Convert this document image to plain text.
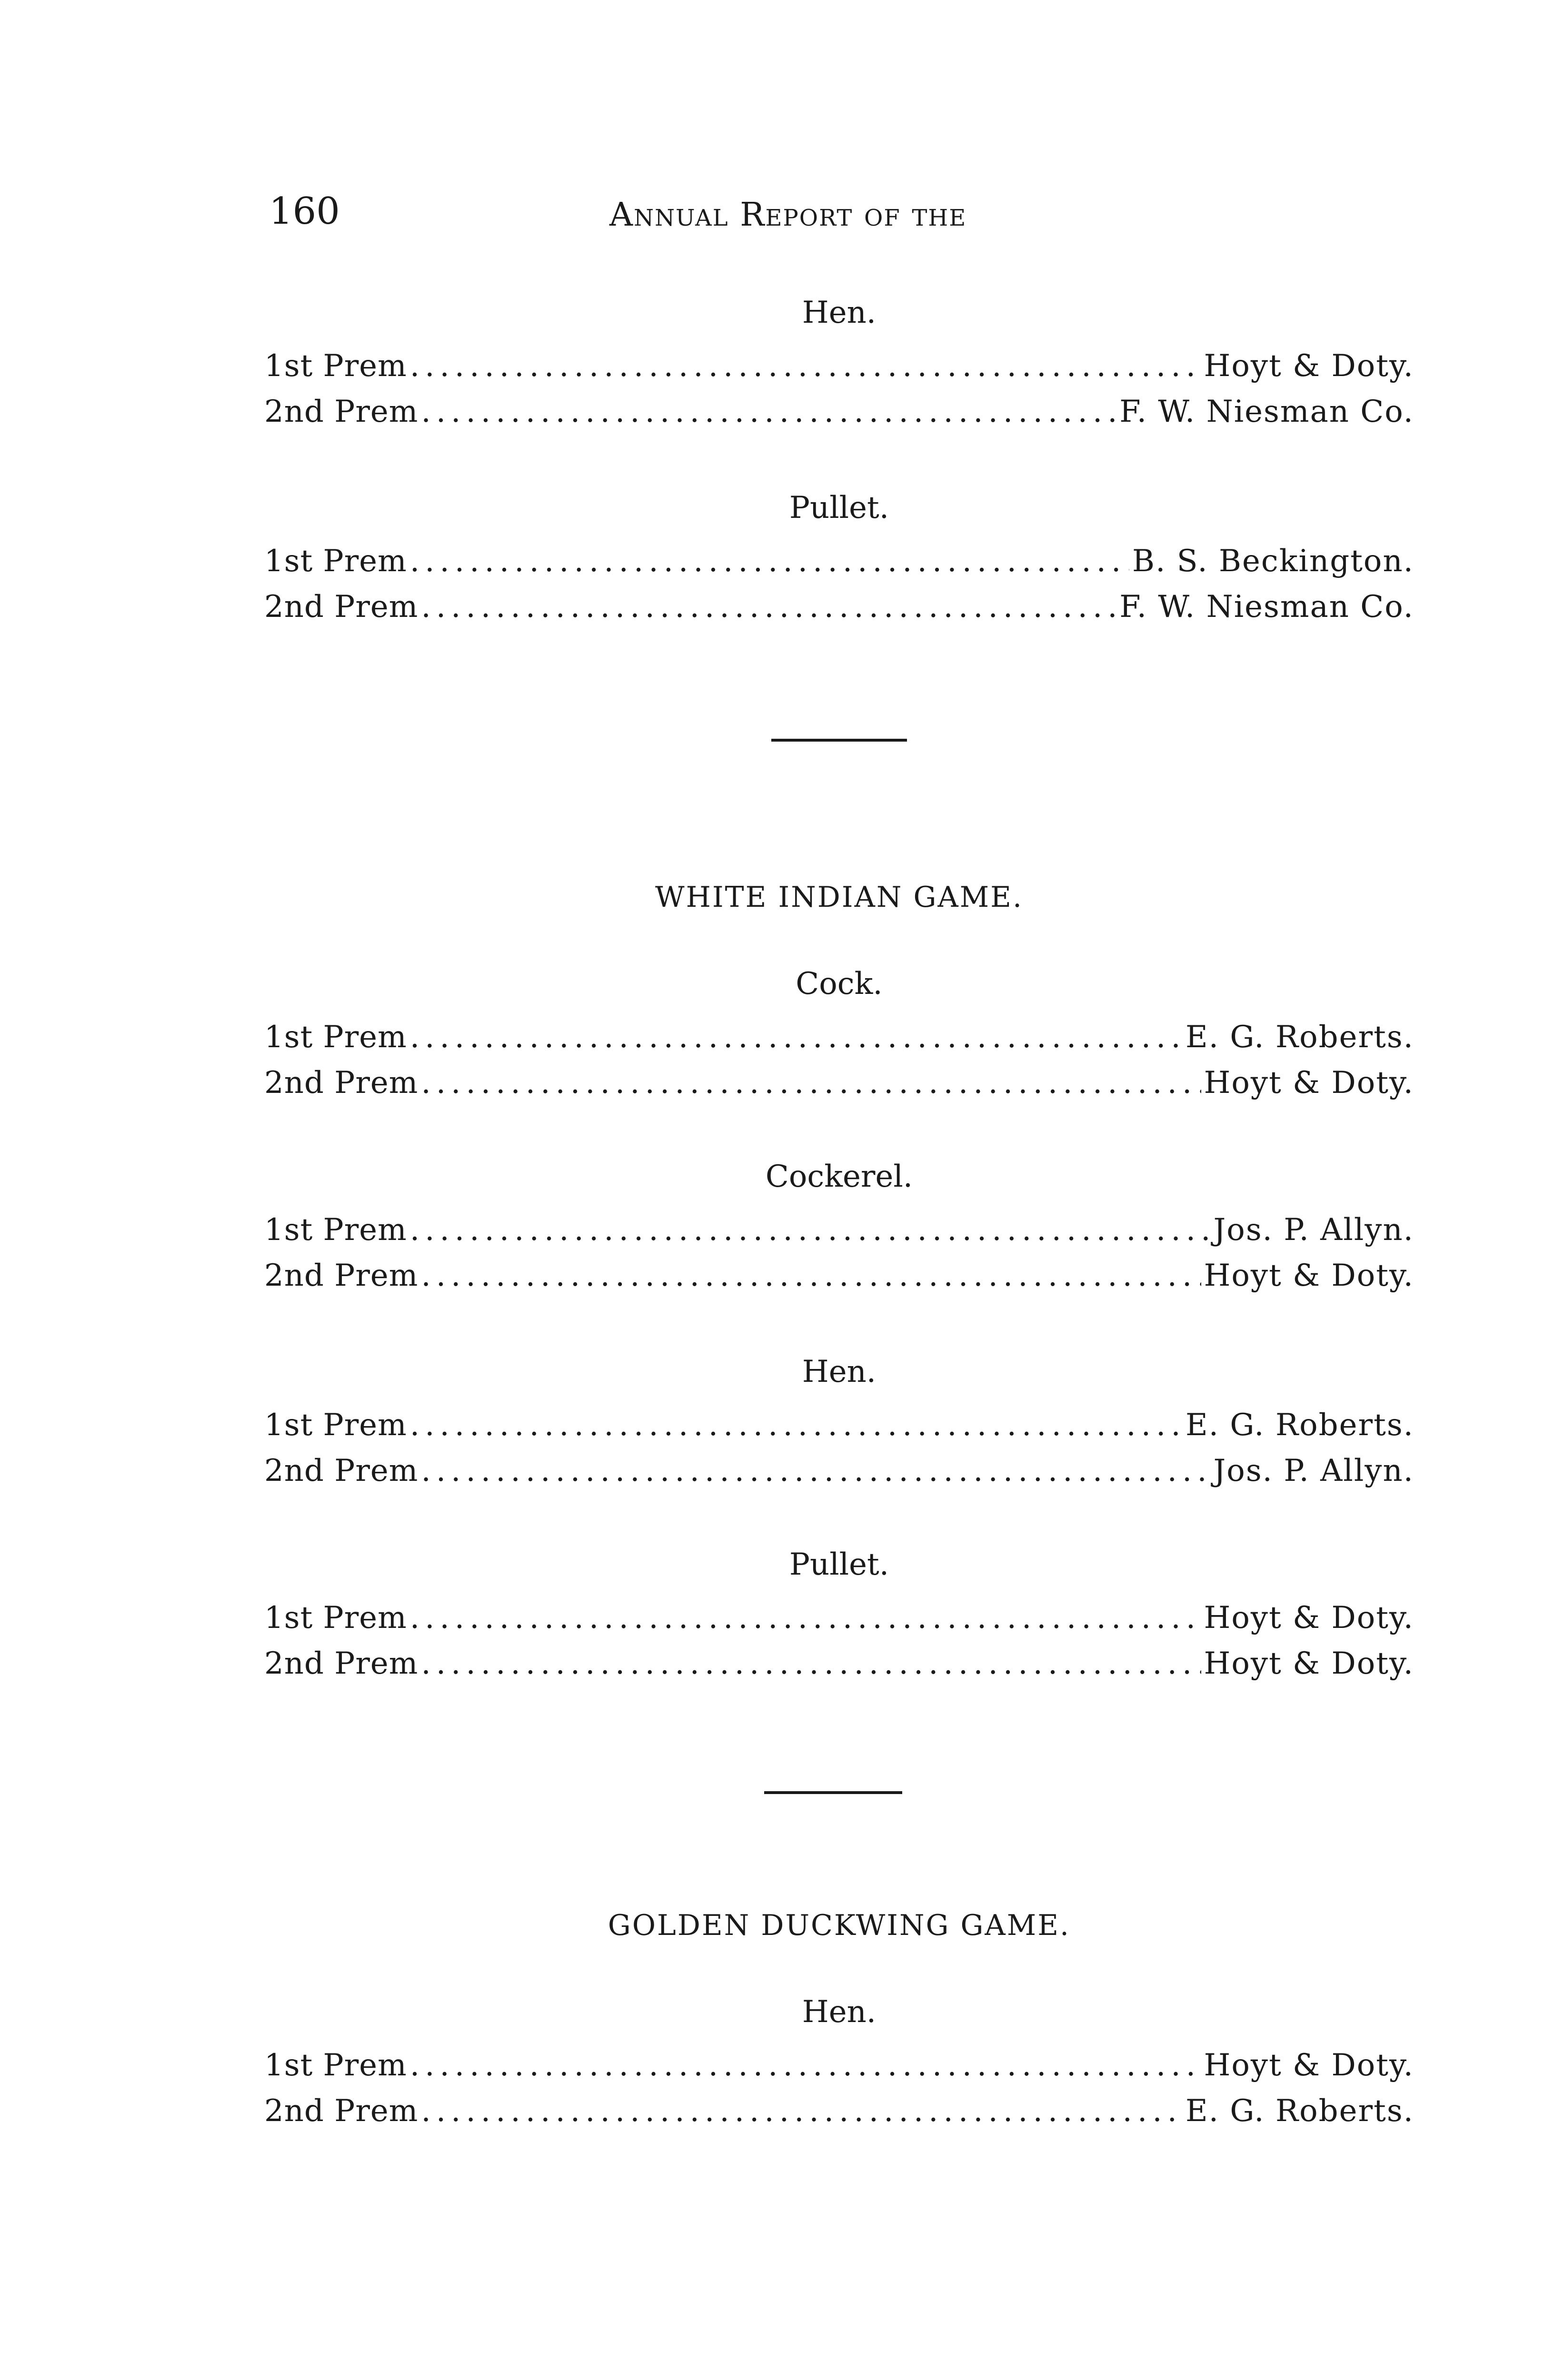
160	Annual Report of the
Hen.
1st Prem .....	Hoyt & Doty.
2nd Prem .....	F. W. Niesman Co.
Pullet.
1st Prem .....	B. S. Beckington.
2nd Prem .....	F. W. Niesman Co.
WHITE INDIAN GAME.
Cock.
1st Prem .....	E. G. Roberts.
2nd Prem .....	Hoyt & Doty.
Cockerel.
1st Prem .....	Jos. P. Allyn.
2nd Prem .....	Hoyt & Doty.
Hen.
1st Prem .....	E. G. Roberts.
2nd Prem .....	Jos. P. Allyn.
Pullet.
1st Prem .....	Hoyt & Doty.
2nd Prem .....	Hoyt & Doty.
GOLDEN DUCKWING GAME.
Hen.
1st Prem .....	Hoyt & Doty.
2nd Prem .....	E. G. Roberts.
